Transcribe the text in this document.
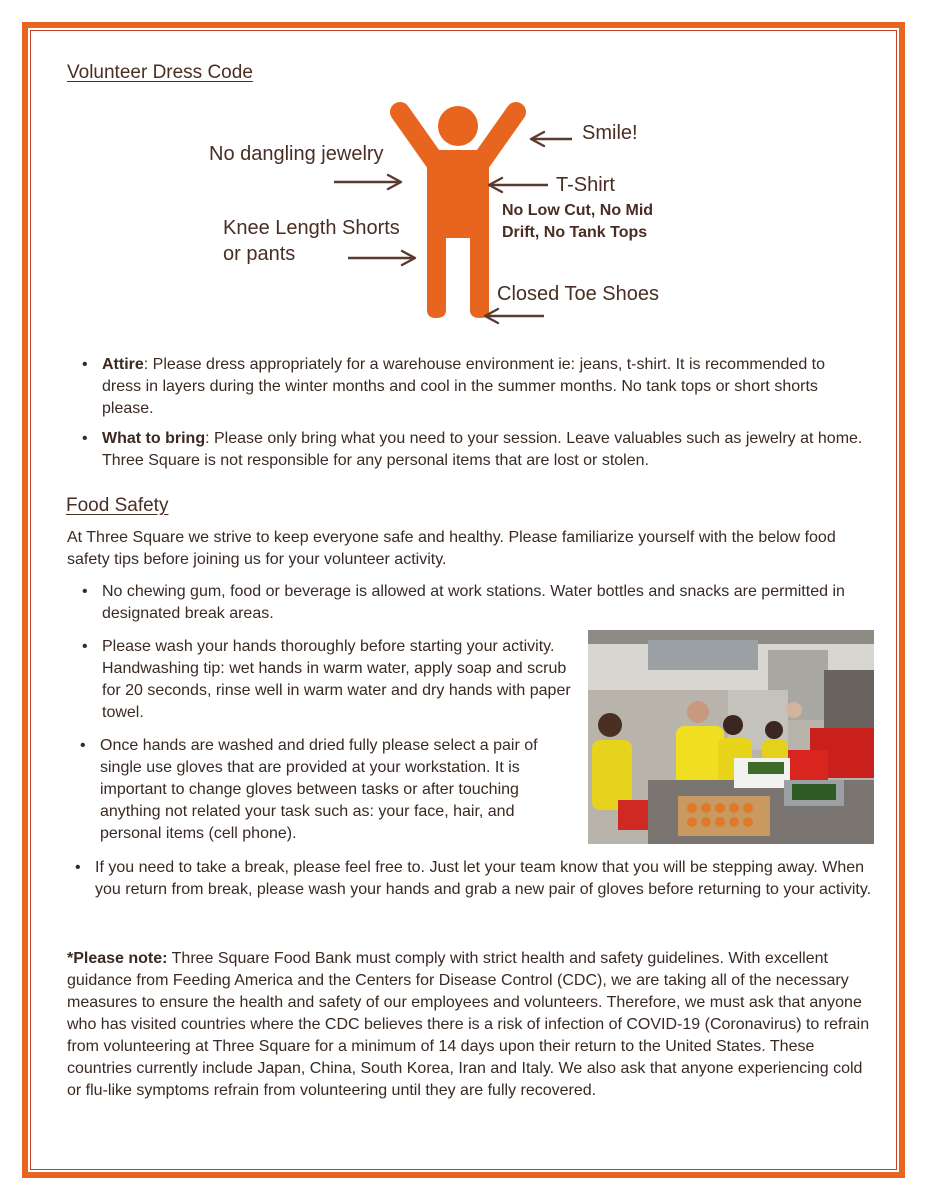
Volunteer Dress Code
Smile!
No dangling jewelry
T-Shirt
No Low Cut, No Mid
Drift, No Tank Tops
Knee Length Shorts
or pants
Closed Toe Shoes
• Attire: Please dress appropriately for a warehouse environment ie: jeans, t-shirt. It is recommended to dress in layers during the winter months and cool in the summer months. No tank tops or short shorts please.
• What to bring: Please only bring what you need to your session. Leave valuables such as jewelry at home. Three Square is not responsible for any personal items that are lost or stolen.
Food Safety
At Three Square we strive to keep everyone safe and healthy. Please familiarize yourself with the below food safety tips before joining us for your volunteer activity.
• No chewing gum, food or beverage is allowed at work stations. Water bottles and snacks are permitted in designated break areas.
• Please wash your hands thoroughly before starting your activity. Handwashing tip: wet hands in warm water, apply soap and scrub for 20 seconds, rinse well in warm water and dry hands with paper towel.
• Once hands are washed and dried fully please select a pair of single use gloves that are provided at your workstation. It is important to change gloves between tasks or after touching anything not related your task such as: your face, hair, and personal items (cell phone).
• If you need to take a break, please feel free to. Just let your team know that you will be stepping away. When you return from break, please wash your hands and grab a new pair of gloves before returning to your activity.
*Please note: Three Square Food Bank must comply with strict health and safety guidelines. With excellent guidance from Feeding America and the Centers for Disease Control (CDC), we are taking all of the necessary measures to ensure the health and safety of our employees and volunteers. Therefore, we must ask that anyone who has visited countries where the CDC believes there is a risk of infection of COVID-19 (Coronavirus) to refrain from volunteering at Three Square for a minimum of 14 days upon their return to the United States. These countries currently include Japan, China, South Korea, Iran and Italy. We also ask that anyone experiencing cold or flu-like symptoms refrain from volunteering until they are fully recovered.
